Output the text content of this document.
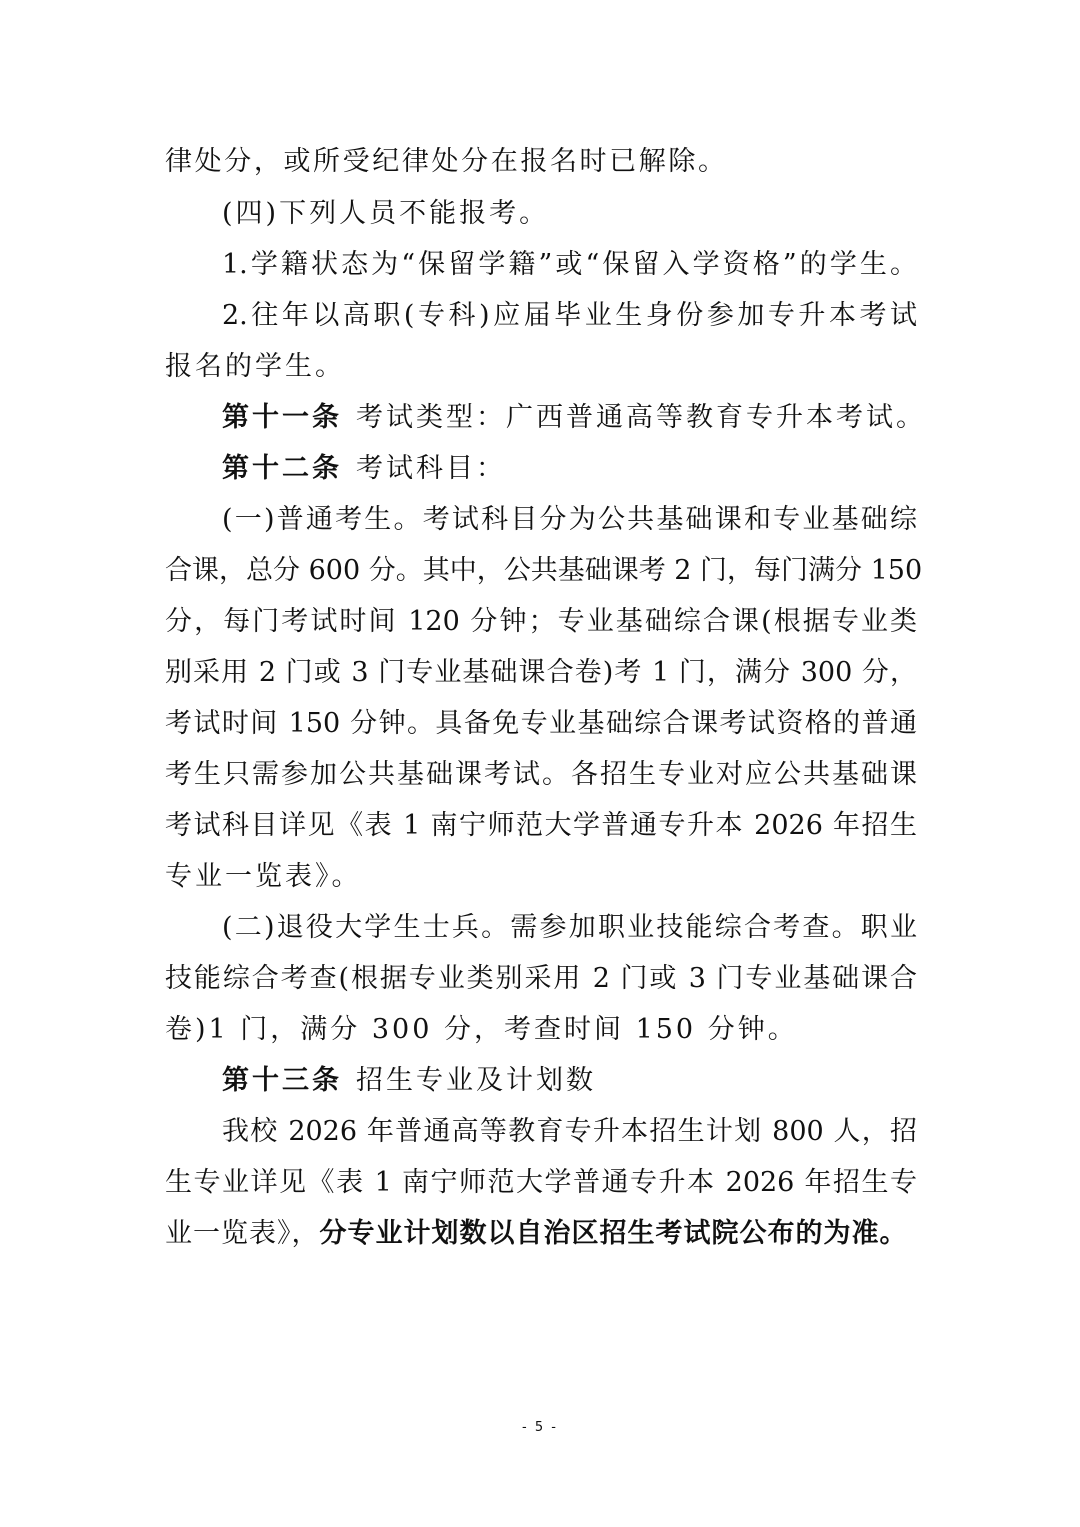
律处分，或所受纪律处分在报名时已解除。
(四)下列人员不能报考。
1.学籍状态为“保留学籍”或“保留入学资格”的学生。
2.往年以高职(专科)应届毕业生身份参加专升本考试
报名的学生。
第十一条 考试类型：广西普通高等教育专升本考试。
第十二条 考试科目：
(一)普通考生。考试科目分为公共基础课和专业基础综
合课，总分 600 分。其中，公共基础课考 2 门，每门满分 150
分，每门考试时间 120 分钟；专业基础综合课(根据专业类
别采用 2 门或 3 门专业基础课合卷)考 1 门，满分 300 分，
考试时间 150 分钟。具备免专业基础综合课考试资格的普通
考生只需参加公共基础课考试。各招生专业对应公共基础课
考试科目详见《表 1 南宁师范大学普通专升本 2026 年招生
专业一览表》。
(二)退役大学生士兵。需参加职业技能综合考查。职业
技能综合考查(根据专业类别采用 2 门或 3 门专业基础课合
卷)1 门，满分 300 分，考查时间 150 分钟。
第十三条 招生专业及计划数
我校 2026 年普通高等教育专升本招生计划 800 人，招
生专业详见《表 1 南宁师范大学普通专升本 2026 年招生专
业一览表》，分专业计划数以自治区招生考试院公布的为准。
- 5 -
